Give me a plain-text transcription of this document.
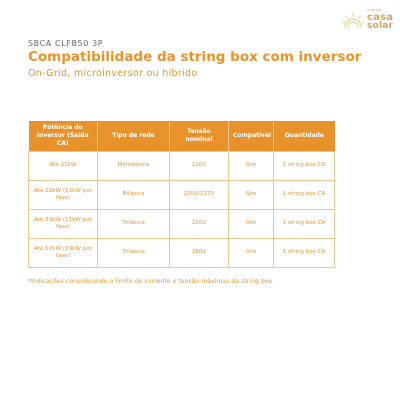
energia
casa
solar
SBCA CLFB50 3P
Compatibilidade da string box com inversor
On-Grid, microinversor ou híbrido
Potência do inversor (Saída CA)	Tipo de rede	Tensão nominal	Compatível	Quantidade
Até 11kW	Monofásica	220V	Sim	1 string box CA
Até 22kW (11kW por fase)	Bifásica	220V/127V	Sim	1 string box CA
Até 33kW (11kW por fase)	Trifásica	220V	Sim	1 string box CA
Até 57kW (19kW por fase)	Trifásica	380V	Sim	1 string box CA
*Indicações considerando o limite de corrente e tensão máximas da string box.
